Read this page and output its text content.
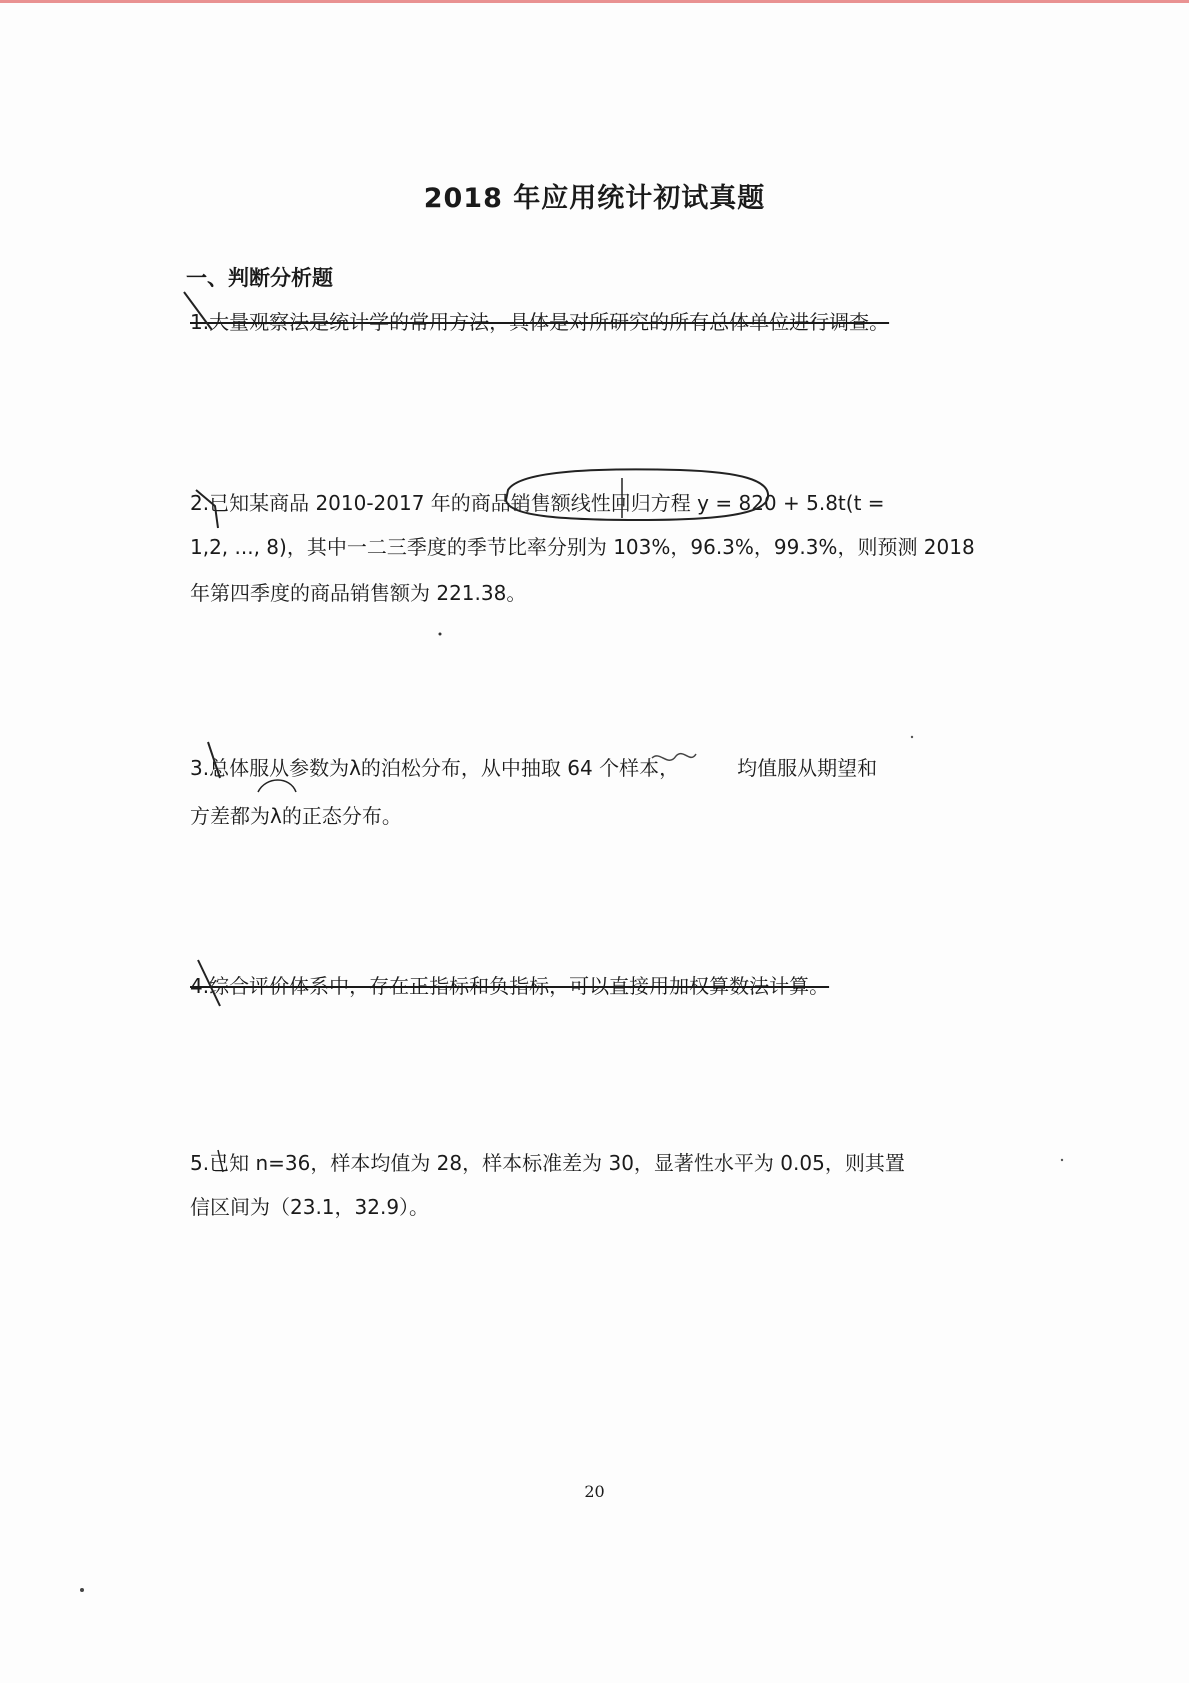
2018 年应用统计初试真题
一、判断分析题
1.大量观察法是统计学的常用方法，具体是对所研究的所有总体单位进行调查。
2.已知某商品 2010-2017 年的商品销售额线性回归方程 y = 820 + 5.8t(t =
1,2, ..., 8)，其中一二三季度的季节比率分别为 103%，96.3%，99.3%，则预测 2018
年第四季度的商品销售额为 221.38。
3.总体服从参数为λ的泊松分布，从中抽取 64 个样本，	均值服从期望和
方差都为λ的正态分布。
4.综合评价体系中，存在正指标和负指标，可以直接用加权算数法计算。
5.已知 n=36，样本均值为 28，样本标准差为 30，显著性水平为 0.05，则其置
信区间为（23.1，32.9）。
20
